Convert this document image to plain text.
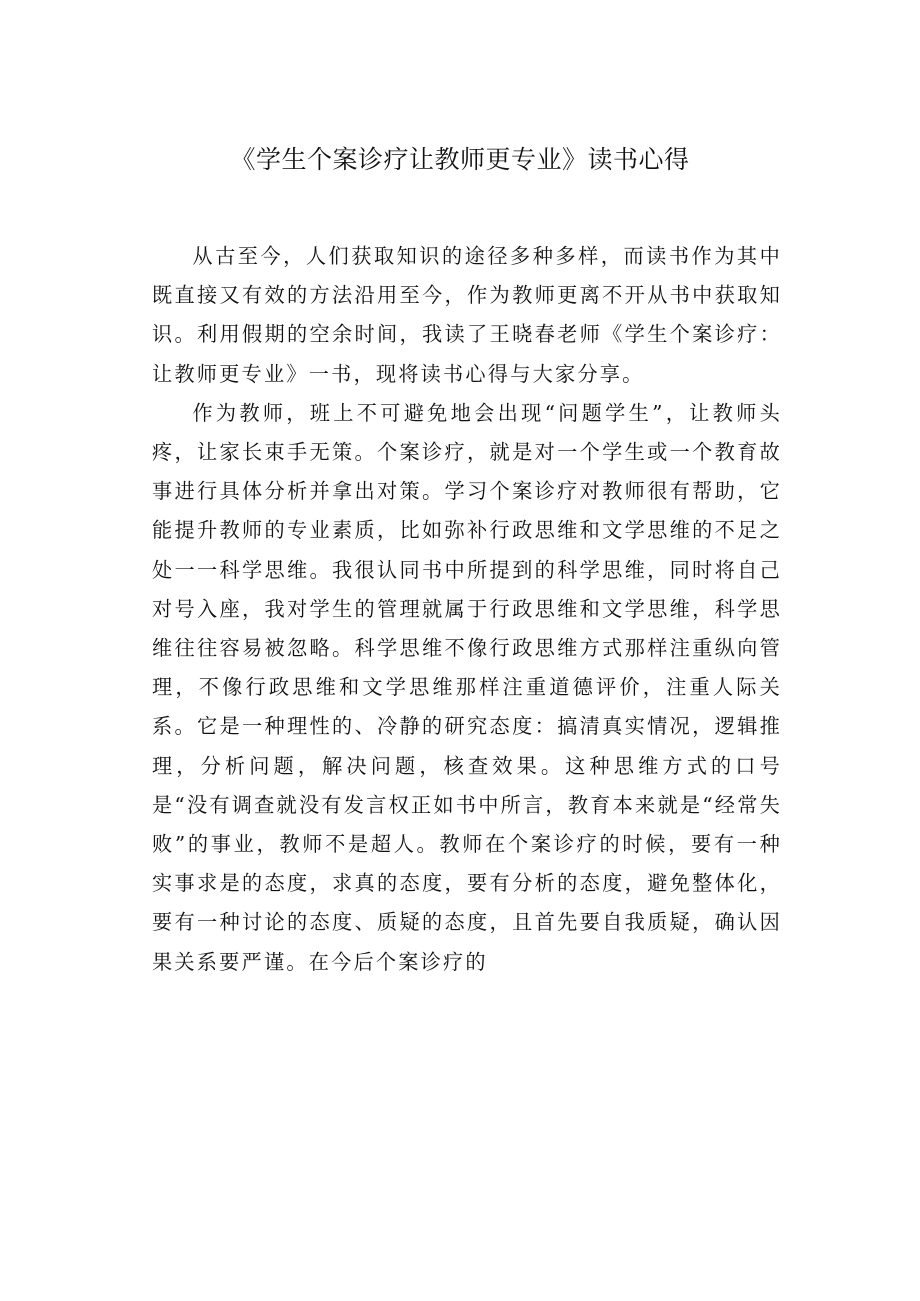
《学生个案诊疗让教师更专业》读书心得

从古至今，人们获取知识的途径多种多样，而读书作为其中既直接又有效的方法沿用至今，作为教师更离不开从书中获取知识。利用假期的空余时间，我读了王晓春老师《学生个案诊疗：让教师更专业》一书，现将读书心得与大家分享。

作为教师，班上不可避免地会出现“问题学生”，让教师头疼，让家长束手无策。个案诊疗，就是对一个学生或一个教育故事进行具体分析并拿出对策。学习个案诊疗对教师很有帮助，它能提升教师的专业素质，比如弥补行政思维和文学思维的不足之处一一科学思维。我很认同书中所提到的科学思维，同时将自己对号入座，我对学生的管理就属于行政思维和文学思维，科学思维往往容易被忽略。科学思维不像行政思维方式那样注重纵向管理，不像行政思维和文学思维那样注重道德评价，注重人际关系。它是一种理性的、冷静的研究态度：搞清真实情况，逻辑推理，分析问题，解决问题，核查效果。这种思维方式的口号是“没有调查就没有发言权正如书中所言，教育本来就是“经常失败”的事业，教师不是超人。教师在个案诊疗的时候，要有一种实事求是的态度，求真的态度，要有分析的态度，避免整体化，要有一种讨论的态度、质疑的态度，且首先要自我质疑，确认因果关系要严谨。在今后个案诊疗的
